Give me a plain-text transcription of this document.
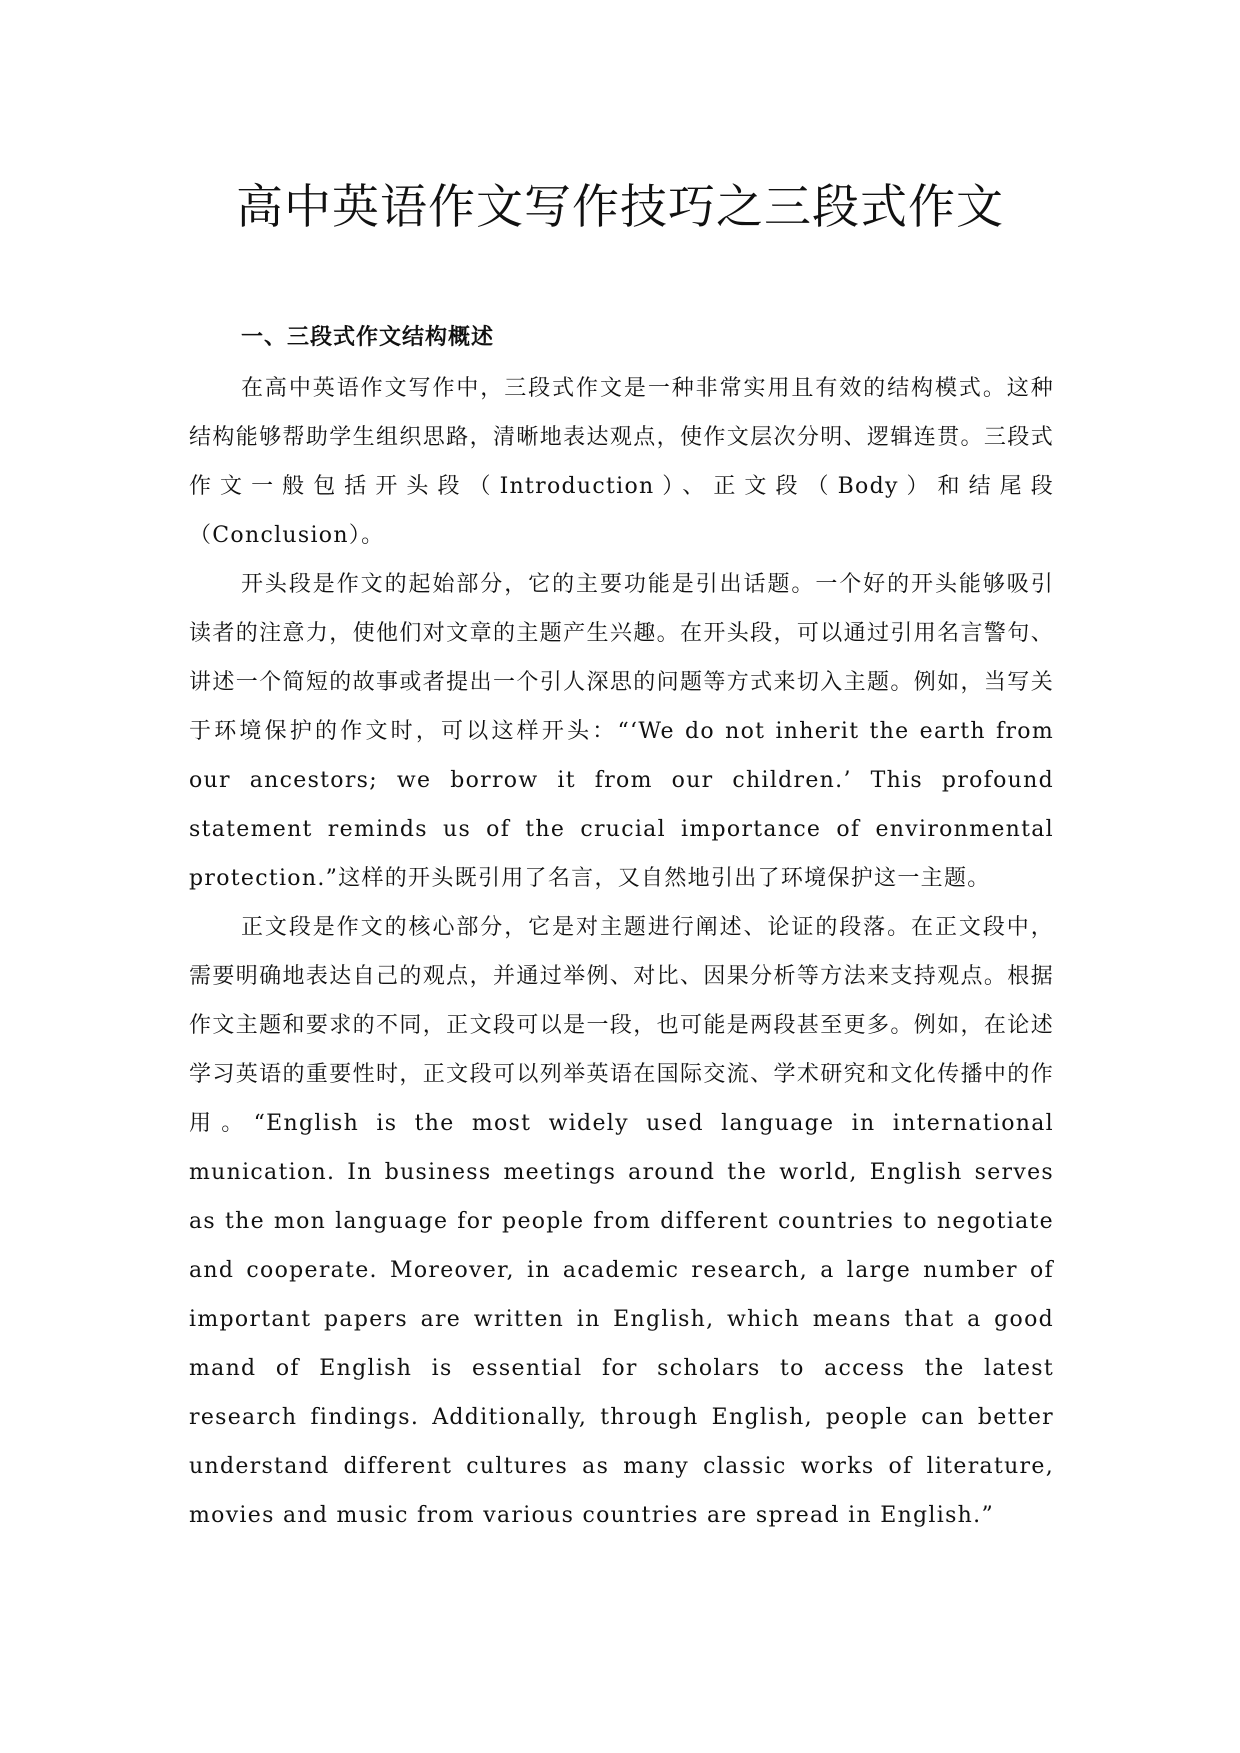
高中英语作文写作技巧之三段式作文
一、三段式作文结构概述

在高中英语作文写作中，三段式作文是一种非常实用且有效的结构模式。这种结构能够帮助学生组织思路，清晰地表达观点，使作文层次分明、逻辑连贯。三段式作文一般包括开头段（Introduction）、正文段（Body）和结尾段（Conclusion）。

开头段是作文的起始部分，它的主要功能是引出话题。一个好的开头能够吸引读者的注意力，使他们对文章的主题产生兴趣。在开头段，可以通过引用名言警句、讲述一个简短的故事或者提出一个引人深思的问题等方式来切入主题。例如，当写关于环境保护的作文时，可以这样开头：“‘We do not inherit the earth from our ancestors; we borrow it from our children.’ This profound statement reminds us of the crucial importance of environmental protection.”这样的开头既引用了名言，又自然地引出了环境保护这一主题。

正文段是作文的核心部分，它是对主题进行阐述、论证的段落。在正文段中，需要明确地表达自己的观点，并通过举例、对比、因果分析等方法来支持观点。根据作文主题和要求的不同，正文段可以是一段，也可能是两段甚至更多。例如，在论述学习英语的重要性时，正文段可以列举英语在国际交流、学术研究和文化传播中的作用。“English is the most widely used language in international munication. In business meetings around the world, English serves as the mon language for people from different countries to negotiate and cooperate. Moreover, in academic research, a large number of important papers are written in English, which means that a good mand of English is essential for scholars to access the latest research findings. Additionally, through English, people can better understand different cultures as many classic works of literature, movies and music from various countries are spread in English.”
